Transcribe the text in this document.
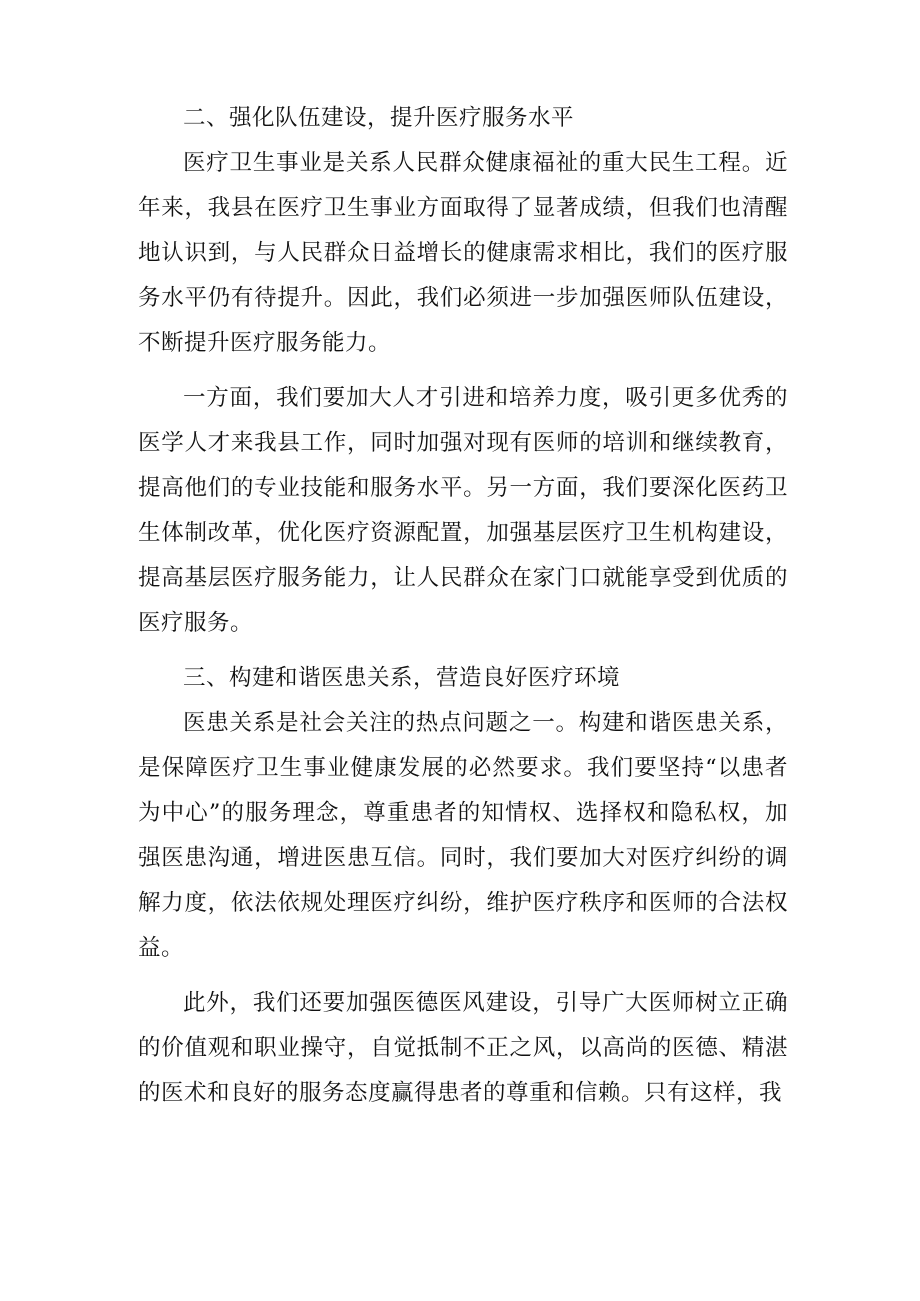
二、强化队伍建设，提升医疗服务水平

医疗卫生事业是关系人民群众健康福祉的重大民生工程。近年来，我县在医疗卫生事业方面取得了显著成绩，但我们也清醒地认识到，与人民群众日益增长的健康需求相比，我们的医疗服务水平仍有待提升。因此，我们必须进一步加强医师队伍建设，不断提升医疗服务能力。

一方面，我们要加大人才引进和培养力度，吸引更多优秀的医学人才来我县工作，同时加强对现有医师的培训和继续教育，提高他们的专业技能和服务水平。另一方面，我们要深化医药卫生体制改革，优化医疗资源配置，加强基层医疗卫生机构建设，提高基层医疗服务能力，让人民群众在家门口就能享受到优质的医疗服务。

三、构建和谐医患关系，营造良好医疗环境

医患关系是社会关注的热点问题之一。构建和谐医患关系，是保障医疗卫生事业健康发展的必然要求。我们要坚持“以患者为中心”的服务理念，尊重患者的知情权、选择权和隐私权，加强医患沟通，增进医患互信。同时，我们要加大对医疗纠纷的调解力度，依法依规处理医疗纠纷，维护医疗秩序和医师的合法权益。

此外，我们还要加强医德医风建设，引导广大医师树立正确的价值观和职业操守，自觉抵制不正之风，以高尚的医德、精湛的医术和良好的服务态度赢得患者的尊重和信赖。只有这样，我
